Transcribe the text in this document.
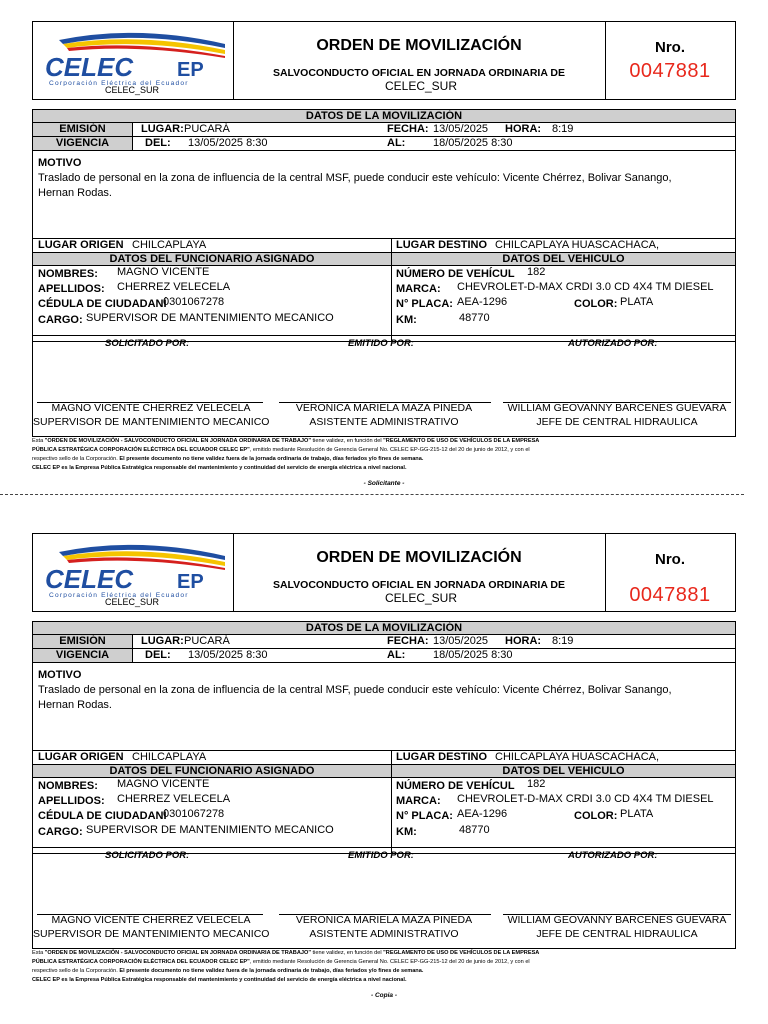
CELEC EP
Corporación Eléctrica del Ecuador
CELEC_SUR
ORDEN DE MOVILIZACIÓN
SALVOCONDUCTO OFICIAL EN JORNADA ORDINARIA DE
CELEC_SUR
Nro.
0047881
DATOS DE LA MOVILIZACIÓN
EMISIÓN	LUGAR: PUCARÁ	FECHA: 13/05/2025 HORA: 8:19
VIGENCIA	DEL: 13/05/2025 8:30	AL:	18/05/2025 8:30
MOTIVO
Traslado de personal en la zona de influencia de la central MSF, puede conducir este vehículo: Vicente Chérrez, Bolivar Sanango, Hernan Rodas.
LUGAR ORIGEN CHILCAPLAYA	LUGAR DESTINO CHILCAPLAYA HUASCACHACA,
DATOS DEL FUNCIONARIO ASIGNADO	DATOS DEL VEHICULO
NOMBRES: MAGNO VICENTE
APELLIDOS: CHERREZ VELECELA
CÉDULA DE CIUDADANÍ
0301067278
CARGO: SUPERVISOR DE MANTENIMIENTO MECANICO
NÚMERO DE VEHÍCUL 182
MARCA: CHEVROLET-D-MAX CRDI 3.0 CD 4X4 TM DIESEL
N° PLACA: AEA-1296	COLOR: PLATA
KM:	48770
SOLICITADO POR:	EMITIDO POR:	AUTORIZADO POR:
MAGNO VICENTE CHERREZ VELECELA	VERONICA MARIELA MAZA PINEDA	WILLIAM GEOVANNY BARCENES GUEVARA
SUPERVISOR DE MANTENIMIENTO MECANICO	ASISTENTE ADMINISTRATIVO	JEFE DE CENTRAL HIDRAULICA
Esta "ORDEN DE MOVILIZACIÓN - SALVOCONDUCTO OFICIAL EN JORNADA ORDINARIA DE TRABAJO" tiene validez, en función del "REGLAMENTO DE USO DE VEHÍCULOS DE LA EMPRESA
PÚBLICA ESTRATÉGICA CORPORACIÓN ELÉCTRICA DEL ECUADOR CELEC EP", emitido mediante Resolución de Gerencia General No. CELEC EP-GG-215-12 del 20 de junio de 2012, y con el
respectivo sello de la Corporación. El presente documento no tiene validez fuera de la jornada ordinaria de trabajo, días feriados y/o fines de semana.
CELEC EP es la Empresa Pública Estratégica responsable del mantenimiento y continuidad del servicio de energía eléctrica a nivel nacional.
- Solicitante -
CELEC EP
Corporación Eléctrica del Ecuador
CELEC_SUR
ORDEN DE MOVILIZACIÓN
SALVOCONDUCTO OFICIAL EN JORNADA ORDINARIA DE
CELEC_SUR
Nro.
0047881
DATOS DE LA MOVILIZACIÓN
EMISIÓN	LUGAR: PUCARÁ	FECHA: 13/05/2025 HORA: 8:19
VIGENCIA	DEL: 13/05/2025 8:30	AL:	18/05/2025 8:30
MOTIVO
Traslado de personal en la zona de influencia de la central MSF, puede conducir este vehículo: Vicente Chérrez, Bolivar Sanango, Hernan Rodas.
LUGAR ORIGEN CHILCAPLAYA	LUGAR DESTINO CHILCAPLAYA HUASCACHACA,
DATOS DEL FUNCIONARIO ASIGNADO	DATOS DEL VEHICULO
NOMBRES: MAGNO VICENTE
APELLIDOS: CHERREZ VELECELA
CÉDULA DE CIUDADANÍ
0301067278
CARGO: SUPERVISOR DE MANTENIMIENTO MECANICO
NÚMERO DE VEHÍCUL 182
MARCA: CHEVROLET-D-MAX CRDI 3.0 CD 4X4 TM DIESEL
N° PLACA: AEA-1296	COLOR: PLATA
KM:	48770
SOLICITADO POR:	EMITIDO POR:	AUTORIZADO POR:
MAGNO VICENTE CHERREZ VELECELA	VERONICA MARIELA MAZA PINEDA	WILLIAM GEOVANNY BARCENES GUEVARA
SUPERVISOR DE MANTENIMIENTO MECANICO	ASISTENTE ADMINISTRATIVO	JEFE DE CENTRAL HIDRAULICA
Esta "ORDEN DE MOVILIZACIÓN - SALVOCONDUCTO OFICIAL EN JORNADA ORDINARIA DE TRABAJO" tiene validez, en función del "REGLAMENTO DE USO DE VEHÍCULOS DE LA EMPRESA
PÚBLICA ESTRATÉGICA CORPORACIÓN ELÉCTRICA DEL ECUADOR CELEC EP", emitido mediante Resolución de Gerencia General No. CELEC EP-GG-215-12 del 20 de junio de 2012, y con el
respectivo sello de la Corporación. El presente documento no tiene validez fuera de la jornada ordinaria de trabajo, días feriados y/o fines de semana.
CELEC EP es la Empresa Pública Estratégica responsable del mantenimiento y continuidad del servicio de energía eléctrica a nivel nacional.
- Copia -
